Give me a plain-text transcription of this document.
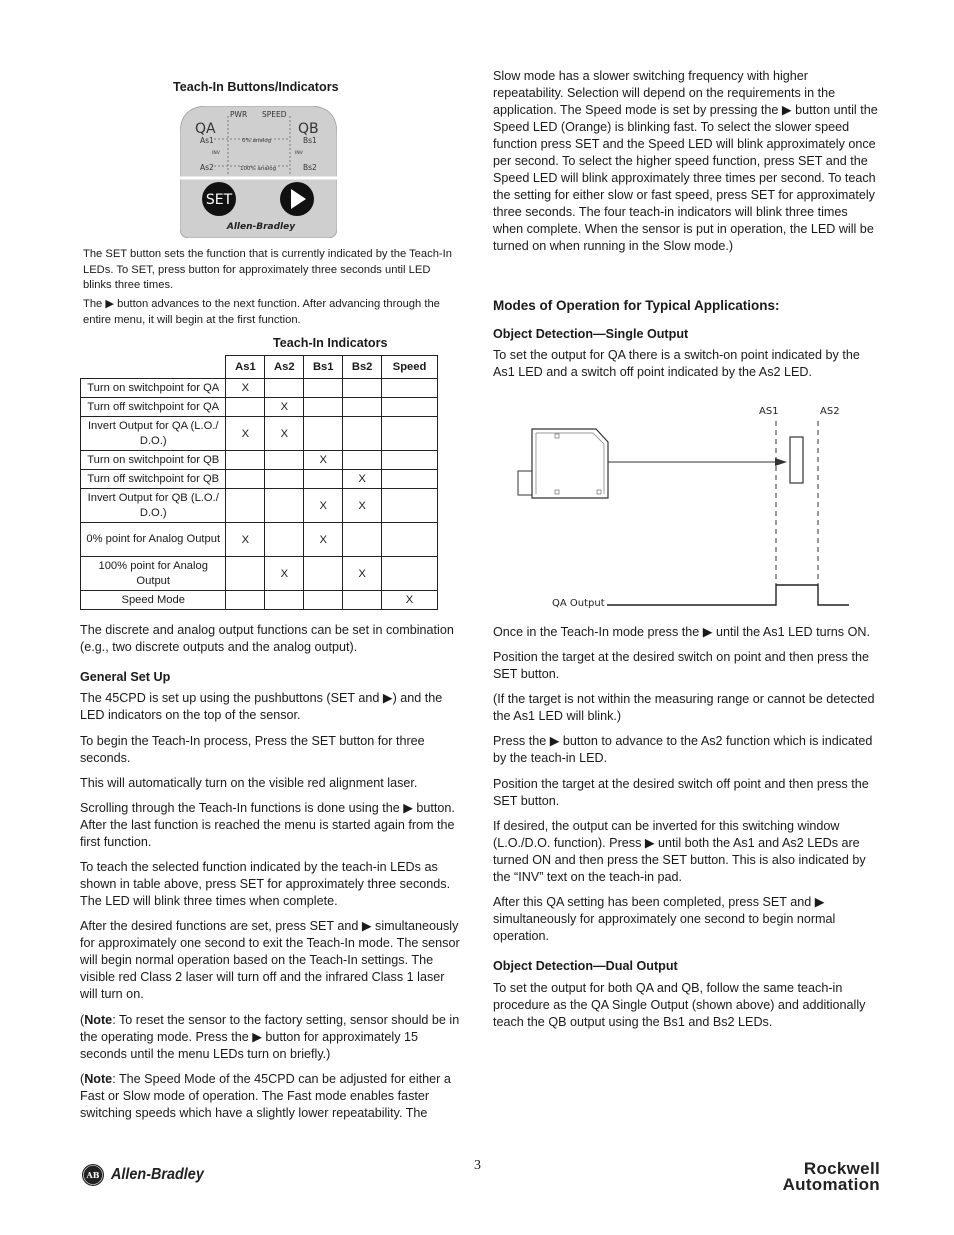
Teach-In Buttons/Indicators
PWR SPEED
QA	QB
As1	Bs1
0% analog
INV	INV
As2	Bs2
100% analog
SET
Allen-Bradley

The SET button sets the function that is currently indicated by the Teach-In LEDs. To SET, press button for approximately three seconds until LED blinks three times.

The ▶ button advances to the next function. After advancing through the entire menu, it will begin at the first function.

Teach-In Indicators
	As1	As2	Bs1	Bs2	Speed
Turn on switchpoint for QA	X				
Turn off switchpoint for QA		X			
Invert Output for QA (L.O./ D.O.)	X	X			
Turn on switchpoint for QB			X		
Turn off switchpoint for QB				X	
Invert Output for QB (L.O./ D.O.)			X	X	
0% point for Analog Output	X		X		
100% point for Analog Output		X		X	
Speed Mode					X

The discrete and analog output functions can be set in combination (e.g., two discrete outputs and the analog output).

General Set Up

The 45CPD is set up using the pushbuttons (SET and ▶) and the LED indicators on the top of the sensor.

To begin the Teach-In process, Press the SET button for three seconds.

This will automatically turn on the visible red alignment laser.

Scrolling through the Teach-In functions is done using the ▶ button. After the last function is reached the menu is started again from the first function.

To teach the selected function indicated by the teach-in LEDs as shown in table above, press SET for approximately three seconds. The LED will blink three times when complete.

After the desired functions are set, press SET and ▶ simultaneously for approximately one second to exit the Teach-In mode. The sensor will begin normal operation based on the Teach-In settings. The visible red Class 2 laser will turn off and the infrared Class 1 laser will turn on.

(Note: To reset the sensor to the factory setting, sensor should be in the operating mode. Press the ▶ button for approximately 15 seconds until the menu LEDs turn on briefly.)

(Note: The Speed Mode of the 45CPD can be adjusted for either a Fast or Slow mode of operation. The Fast mode enables faster switching speeds which have a slightly lower repeatability. The

Slow mode has a slower switching frequency with higher repeatability. Selection will depend on the requirements in the application. The Speed mode is set by pressing the ▶ button until the Speed LED (Orange) is blinking fast. To select the slower speed function press SET and the Speed LED will blink approximately once per second. To select the higher speed function, press SET and the Speed LED will blink approximately three times per second. To teach the setting for either slow or fast speed, press SET for approximately three seconds. The four teach-in indicators will blink three times when complete. When the sensor is put in operation, the LED will be turned on when running in the Slow mode.)

Modes of Operation for Typical Applications:
Object Detection—Single Output

To set the output for QA there is a switch-on point indicated by the As1 LED and a switch off point indicated by the As2 LED.

AS1	AS2
QA Output

Once in the Teach-In mode press the ▶ until the As1 LED turns ON.

Position the target at the desired switch on point and then press the SET button.

(If the target is not within the measuring range or cannot be detected the As1 LED will blink.)

Press the ▶ button to advance to the As2 function which is indicated by the teach-in LED.

Position the target at the desired switch off point and then press the SET button.

If desired, the output can be inverted for this switching window (L.O./D.O. function). Press ▶ until both the As1 and As2 LEDs are turned ON and then press the SET button. This is also indicated by the “INV” text on the teach-in pad.

After this QA setting has been completed, press SET and ▶ simultaneously for approximately one second to begin normal operation.

Object Detection—Dual Output

To set the output for both QA and QB, follow the same teach-in procedure as the QA Single Output (shown above) and additionally teach the QB output using the Bs1 and Bs2 LEDs.

3
AB Allen-Bradley	Rockwell
Automation
